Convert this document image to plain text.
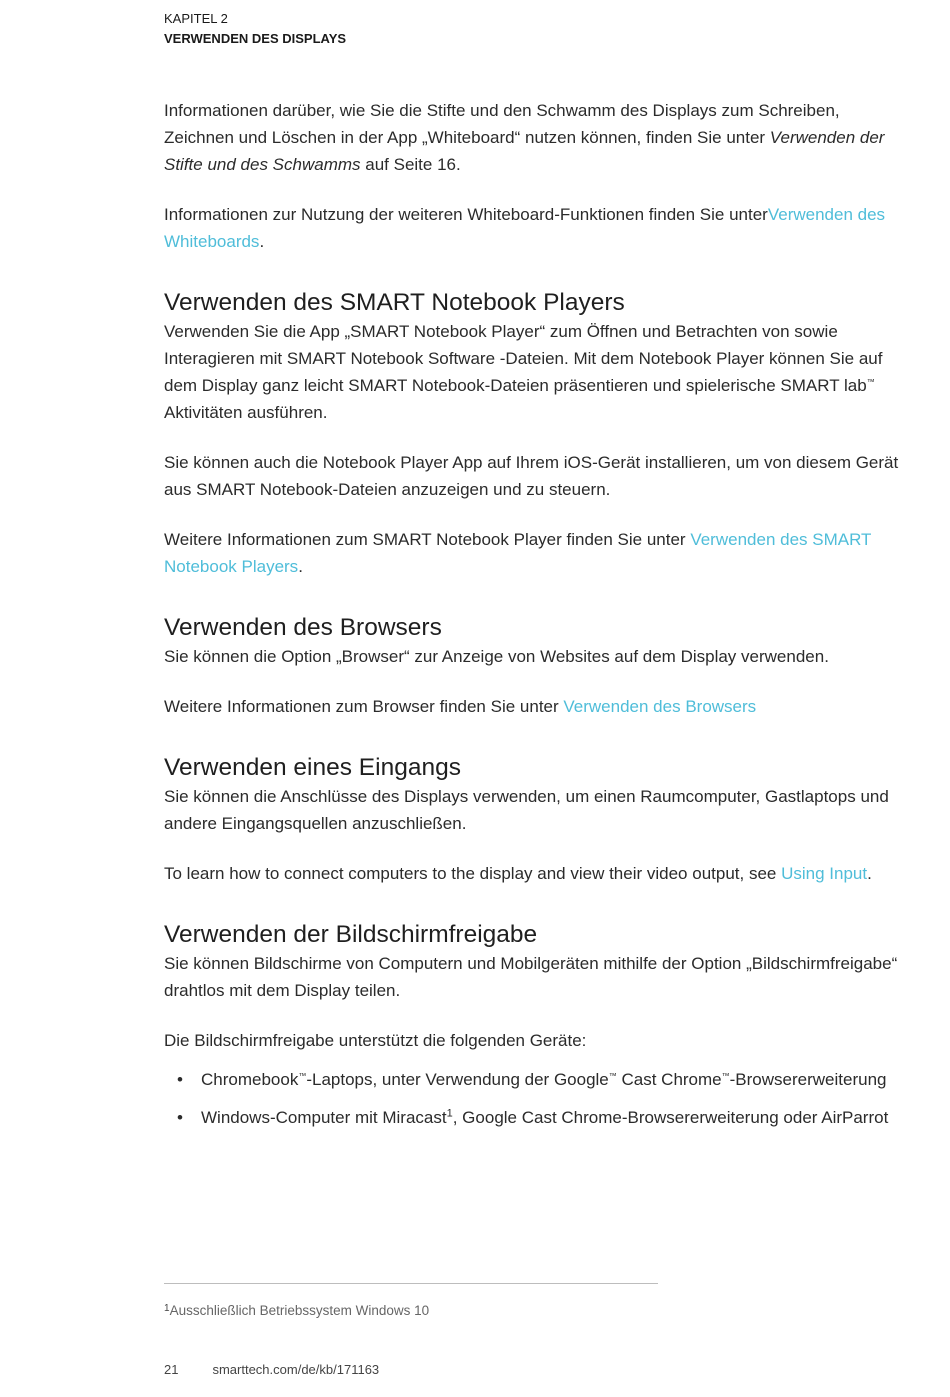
KAPITEL 2
VERWENDEN DES DISPLAYS

Informationen darüber, wie Sie die Stifte und den Schwamm des Displays zum Schreiben, Zeichnen und Löschen in der App „Whiteboard“ nutzen können, finden Sie unter Verwenden der Stifte und des Schwamms auf Seite 16.

Informationen zur Nutzung der weiteren Whiteboard-Funktionen finden Sie unterVerwenden des Whiteboards.

Verwenden des SMART Notebook Players

Verwenden Sie die App „SMART Notebook Player“ zum Öffnen und Betrachten von sowie Interagieren mit SMART Notebook Software -Dateien. Mit dem Notebook Player können Sie auf dem Display ganz leicht SMART Notebook-Dateien präsentieren und spielerische SMART lab™ Aktivitäten ausführen.

Sie können auch die Notebook Player App auf Ihrem iOS-Gerät installieren, um von diesem Gerät aus SMART Notebook-Dateien anzuzeigen und zu steuern.

Weitere Informationen zum SMART Notebook Player finden Sie unter Verwenden des SMART Notebook Players.

Verwenden des Browsers

Sie können die Option „Browser“ zur Anzeige von Websites auf dem Display verwenden.

Weitere Informationen zum Browser finden Sie unter Verwenden des Browsers

Verwenden eines Eingangs

Sie können die Anschlüsse des Displays verwenden, um einen Raumcomputer, Gastlaptops und andere Eingangsquellen anzuschließen.

To learn how to connect computers to the display and view their video output, see Using Input.

Verwenden der Bildschirmfreigabe

Sie können Bildschirme von Computern und Mobilgeräten mithilfe der Option „Bildschirmfreigabe“ drahtlos mit dem Display teilen.

Die Bildschirmfreigabe unterstützt die folgenden Geräte:

• Chromebook™-Laptops, unter Verwendung der Google™ Cast Chrome™-Browsererweiterung
• Windows-Computer mit Miracast$^1$, Google Cast Chrome-Browsererweiterung oder AirParrot
$^1$Ausschließlich Betriebssystem Windows 10
21	smarttech.com/de/kb/171163
